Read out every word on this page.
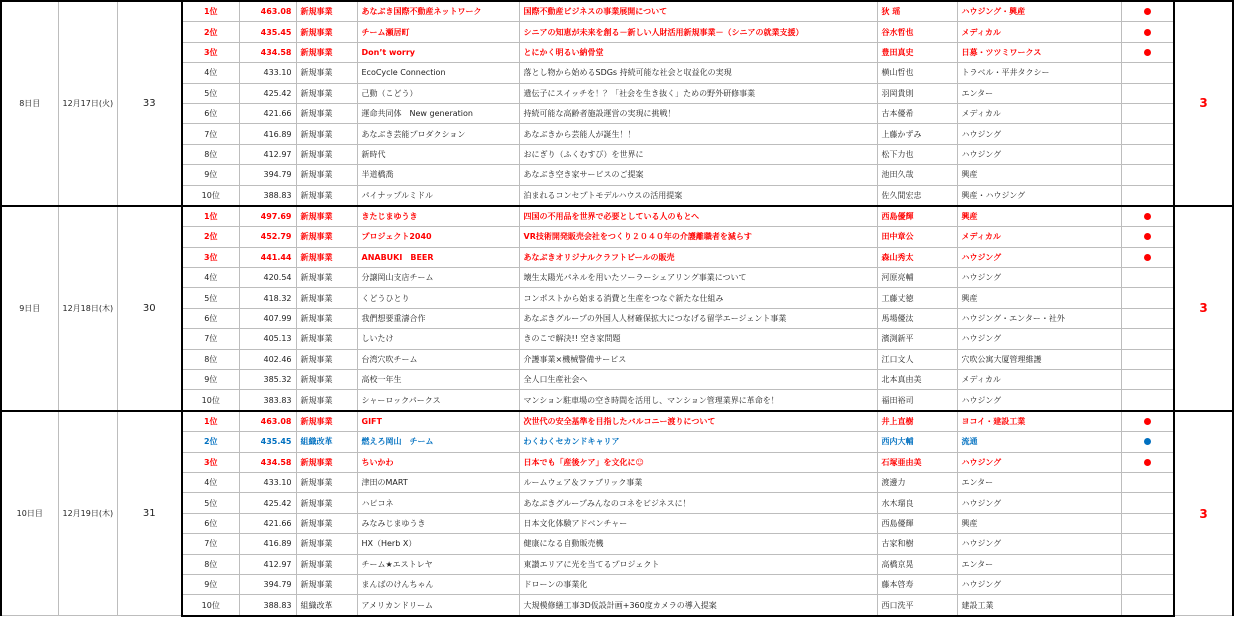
8日目	12月17日(火)	33	1位	463.08	新規事業	あなぶき国際不動産ネットワーク	国際不動産ビジネスの事業展開について	狄 瑶	ハウジング・興産		3
			2位	435.45	新規事業	チーム瀬居町	シニアの知恵が未来を創る－新しい人財活用新規事業－（シニアの就業支援）	谷水哲也	メディカル		
			3位	434.58	新規事業	Don’t worry	とにかく明るい納骨堂	豊田真史	日募・ツツミワークス		
			4位	433.10	新規事業	EcoCycle Connection	落とし物から始めるSDGs 持続可能な社会と収益化の実現	横山哲也	トラベル・平井タクシー		
			5位	425.42	新規事業	己動（こどう）	遺伝子にスイッチを！？「社会を生き抜く」ための野外研修事業	羽岡貴則	エンター		
			6位	421.66	新規事業	運命共同体　New generation	持続可能な高齢者施設運営の実現に挑戦！	古本優希	メディカル		
			7位	416.89	新規事業	あなぶき芸能プロダクション	あなぶきから芸能人が誕生！！	上藤かずみ	ハウジング		
			8位	412.97	新規事業	新時代	おにぎり（ふくむすび）を世界に	松下力也	ハウジング		
			9位	394.79	新規事業	半道橋喬	あなぶき空き家サービスのご提案	池田久哉	興産		
			10位	388.83	新規事業	パイナップルミドル	泊まれるコンセプトモデルハウスの活用提案	佐久間宏忠	興産・ハウジング		
9日目	12月18日(木)	30	1位	497.69	新規事業	きたじまゆうき	四国の不用品を世界で必要としている人のもとへ	西島優輝	興産		3
			2位	452.79	新規事業	プロジェクト2040	VR技術開発販売会社をつくり２０４０年の介護離職者を減らす	田中章公	メディカル		
			3位	441.44	新規事業	ANABUKI　BEER	あなぶきオリジナルクラフトビールの販売	森山秀太	ハウジング		
			4位	420.54	新規事業	分譲岡山支店チーム	壊生太陽光パネルを用いたソーラーシェアリング事業について	河原亮輔	ハウジング		
			5位	418.32	新規事業	くどうひとり	コンポストから始まる消費と生産をつなぐ新たな仕組み	工藤丈徳	興産		
			6位	407.99	新規事業	我們想要重濤合作	あなぶきグループの外国人人材確保拡大につなげる留学エージェント事業	馬場優汰	ハウジング・エンター・社外		
			7位	405.13	新規事業	しいたけ	きのこで解決!! 空き家問題	濱渕新平	ハウジング		
			8位	402.46	新規事業	台湾穴吹チーム	介護事業×機械警備サービス	江口文人	穴吹公寓大厦管理維護		
			9位	385.32	新規事業	高校一年生	全人口生産社会へ	北本真由美	メディカル		
			10位	383.83	新規事業	シャーロックパークス	マンション駐車場の空き時間を活用し、マンション管理業界に革命を！	福田裕司	ハウジング		
10日目	12月19日(木)	31	1位	463.08	新規事業	GIFT	次世代の安全基準を目指したバルコニー渡りについて	井上直樹	ヨコイ・建設工業		3
			2位	435.45	組織改革	燃えろ岡山　チーム	わくわくセカンドキャリア	西内大輔	流通		
			3位	434.58	新規事業	ちいかわ	日本でも「産後ケア」を文化に☺	石塚亜由美	ハウジング		
			4位	433.10	新規事業	津田のMART	ルームウェア＆ファブリック事業	渡邊力	エンター		
			5位	425.42	新規事業	ハピコネ	あなぶきグループみんなのコネをビジネスに！	水木瑠良	ハウジング		
			6位	421.66	新規事業	みなみじまゆうき	日本文化体験アドベンチャー	西島優輝	興産		
			7位	416.89	新規事業	HX（Herb X）	健康になる自動販売機	古家和樹	ハウジング		
			8位	412.97	新規事業	チーム★エストレヤ	東讃エリアに光を当てるプロジェクト	高橋京晃	エンター		
			9位	394.79	新規事業	まんばのけんちゃん	ドローンの事業化	藤本啓寿	ハウジング		
			10位	388.83	組織改革	アメリカンドリーム	大規模修繕工事3D仮設計画+360度カメラの導入提案	西口洗平	建設工業		
